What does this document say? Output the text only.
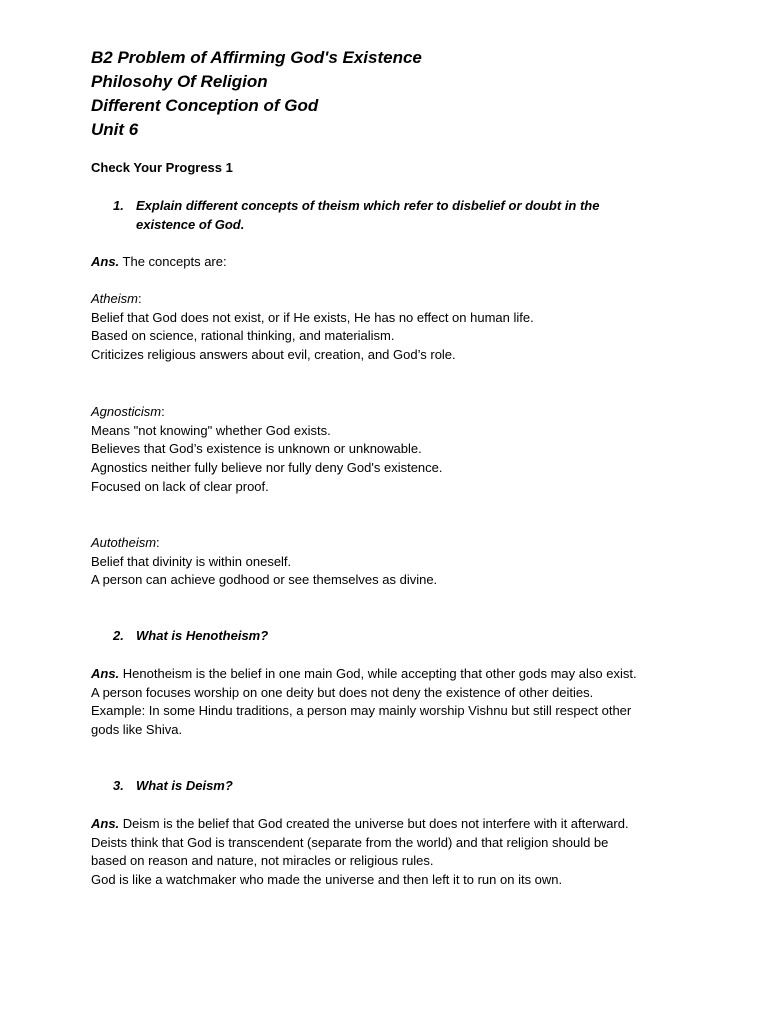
B2 Problem of Affirming God's Existence
Philosohy Of Religion
Different Conception of God
Unit 6
Check Your Progress 1
1. Explain different concepts of theism which refer to disbelief or doubt in the
existence of God.
Ans. The concepts are:
Atheism:
Belief that God does not exist, or if He exists, He has no effect on human life.
Based on science, rational thinking, and materialism.
Criticizes religious answers about evil, creation, and God’s role.
Agnosticism:
Means "not knowing" whether God exists.
Believes that God’s existence is unknown or unknowable.
Agnostics neither fully believe nor fully deny God's existence.
Focused on lack of clear proof.
Autotheism:
Belief that divinity is within oneself.
A person can achieve godhood or see themselves as divine.
2. What is Henotheism?
Ans. Henotheism is the belief in one main God, while accepting that other gods may also exist.
A person focuses worship on one deity but does not deny the existence of other deities.
Example: In some Hindu traditions, a person may mainly worship Vishnu but still respect other
gods like Shiva.
3. What is Deism?
Ans. Deism is the belief that God created the universe but does not interfere with it afterward.
Deists think that God is transcendent (separate from the world) and that religion should be
based on reason and nature, not miracles or religious rules.
God is like a watchmaker who made the universe and then left it to run on its own.
